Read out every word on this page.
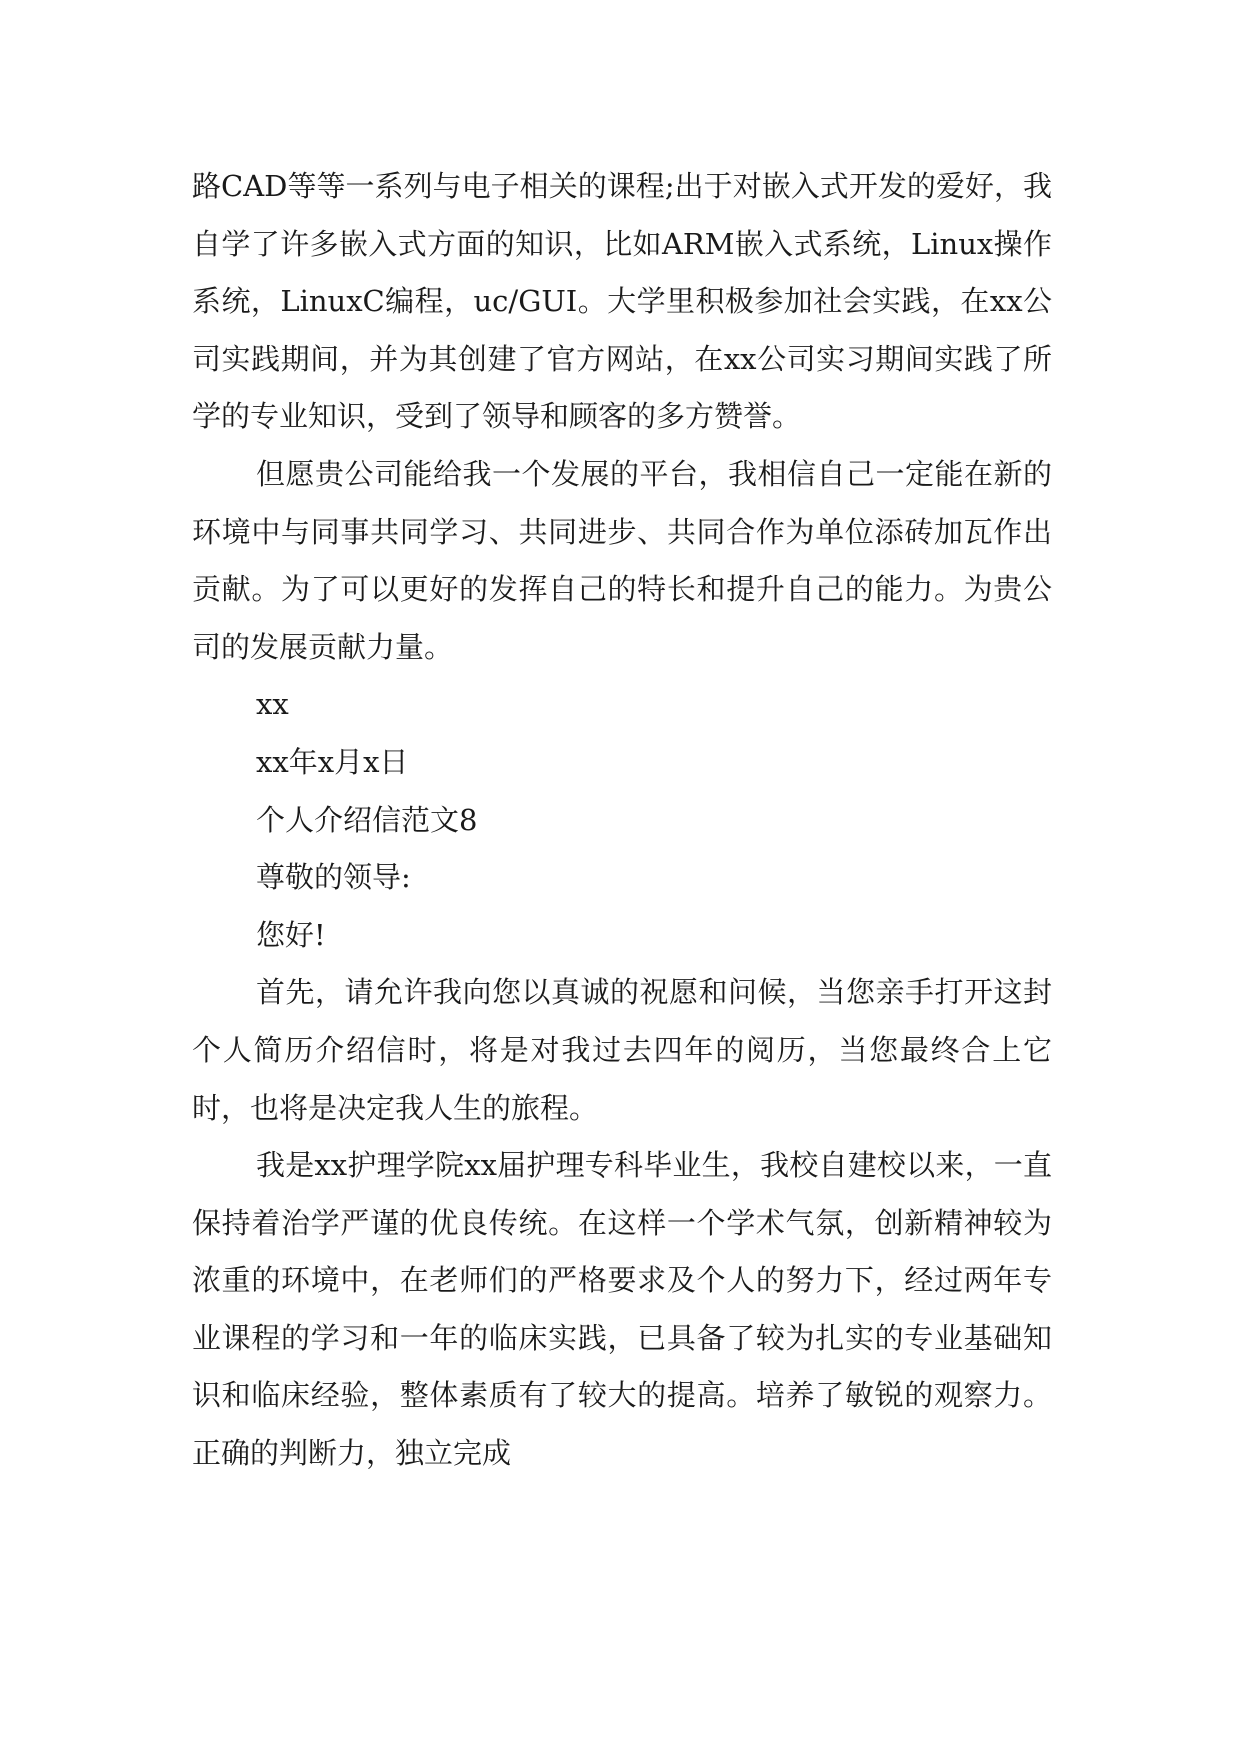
路CAD等等一系列与电子相关的课程;出于对嵌入式开发的爱好，我自学了许多嵌入式方面的知识，比如ARM嵌入式系统，Linux操作系统，LinuxC编程，uc/GUI。大学里积极参加社会实践，在xx公司实践期间，并为其创建了官方网站，在xx公司实习期间实践了所学的专业知识，受到了领导和顾客的多方赞誉。

但愿贵公司能给我一个发展的平台，我相信自己一定能在新的环境中与同事共同学习、共同进步、共同合作为单位添砖加瓦作出贡献。为了可以更好的发挥自己的特长和提升自己的能力。为贵公司的发展贡献力量。

xx

xx年x月x日

个人介绍信范文8

尊敬的领导:

您好!

首先，请允许我向您以真诚的祝愿和问候，当您亲手打开这封个人简历介绍信时，将是对我过去四年的阅历，当您最终合上它时，也将是决定我人生的旅程。

我是xx护理学院xx届护理专科毕业生，我校自建校以来，一直保持着治学严谨的优良传统。在这样一个学术气氛，创新精神较为浓重的环境中，在老师们的严格要求及个人的努力下，经过两年专业课程的学习和一年的临床实践，已具备了较为扎实的专业基础知识和临床经验，整体素质有了较大的提高。培养了敏锐的观察力。正确的判断力，独立完成
